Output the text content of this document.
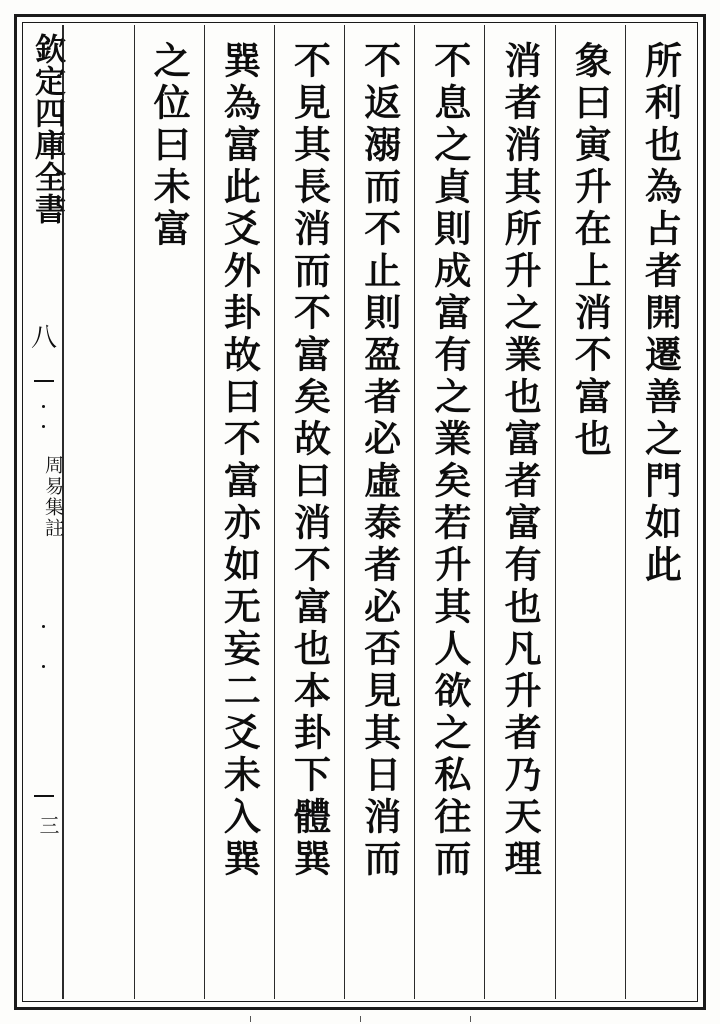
欽定四庫全書
八
周易集註
三
所利也為占者開遷善之門如此
象曰寅升在上消不富也
消者消其所升之業也富者富有也凡升者乃天理
不息之貞則成富有之業矣若升其人欲之私往而
不返溺而不止則盈者必虛泰者必否見其日消而
不見其長消而不富矣故曰消不富也本卦下體巽
巽為富此爻外卦故曰不富亦如无妄二爻未入巽
之位曰未富
